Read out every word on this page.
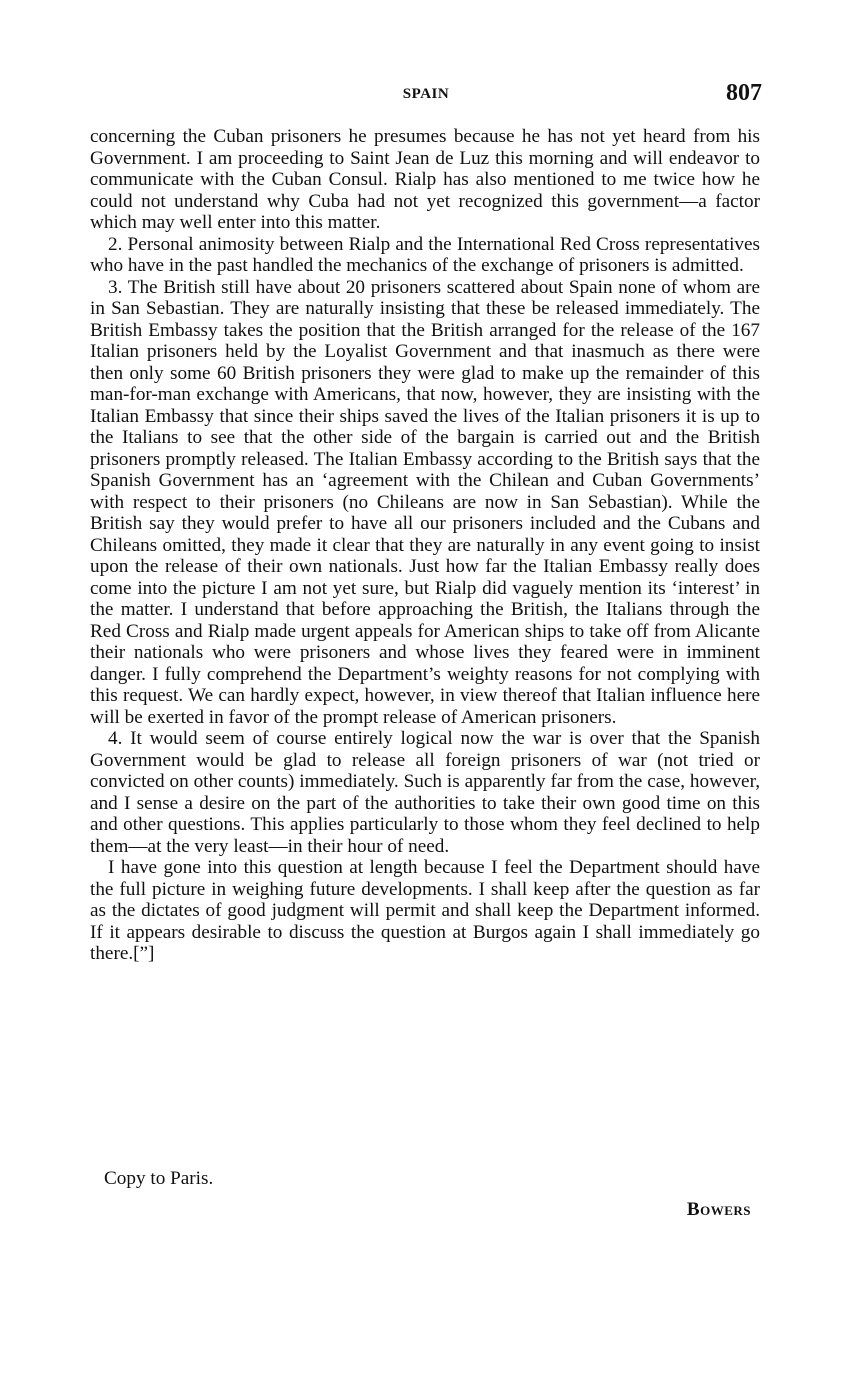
SPAIN	807

concerning the Cuban prisoners he presumes because he has not yet heard from his Government. I am proceeding to Saint Jean de Luz this morning and will endeavor to communicate with the Cuban Consul. Rialp has also mentioned to me twice how he could not understand why Cuba had not yet recognized this government—a factor which may well enter into this matter.

2. Personal animosity between Rialp and the International Red Cross representatives who have in the past handled the mechanics of the exchange of prisoners is admitted.

3. The British still have about 20 prisoners scattered about Spain none of whom are in San Sebastian. They are naturally insisting that these be released immediately. The British Embassy takes the position that the British arranged for the release of the 167 Italian prisoners held by the Loyalist Government and that inasmuch as there were then only some 60 British prisoners they were glad to make up the remainder of this man-for-man exchange with Americans, that now, however, they are insisting with the Italian Embassy that since their ships saved the lives of the Italian prisoners it is up to the Italians to see that the other side of the bargain is carried out and the British prisoners promptly released. The Italian Embassy according to the British says that the Spanish Government has an ‘agreement with the Chilean and Cuban Governments’ with respect to their prisoners (no Chileans are now in San Sebastian). While the British say they would prefer to have all our prisoners included and the Cubans and Chileans omitted, they made it clear that they are naturally in any event going to insist upon the release of their own nationals. Just how far the Italian Embassy really does come into the picture I am not yet sure, but Rialp did vaguely mention its ‘interest’ in the matter. I understand that before approaching the British, the Italians through the Red Cross and Rialp made urgent appeals for American ships to take off from Alicante their nationals who were prisoners and whose lives they feared were in imminent danger. I fully comprehend the Department’s weighty reasons for not complying with this request. We can hardly expect, however, in view thereof that Italian influence here will be exerted in favor of the prompt release of American prisoners.

4. It would seem of course entirely logical now the war is over that the Spanish Government would be glad to release all foreign prisoners of war (not tried or convicted on other counts) immediately. Such is apparently far from the case, however, and I sense a desire on the part of the authorities to take their own good time on this and other questions. This applies particularly to those whom they feel declined to help them—at the very least—in their hour of need.

I have gone into this question at length because I feel the Department should have the full picture in weighing future developments. I shall keep after the question as far as the dictates of good judgment will permit and shall keep the Department informed. If it appears desirable to discuss the question at Burgos again I shall immediately go there.[”]

Copy to Paris.
Bowers
